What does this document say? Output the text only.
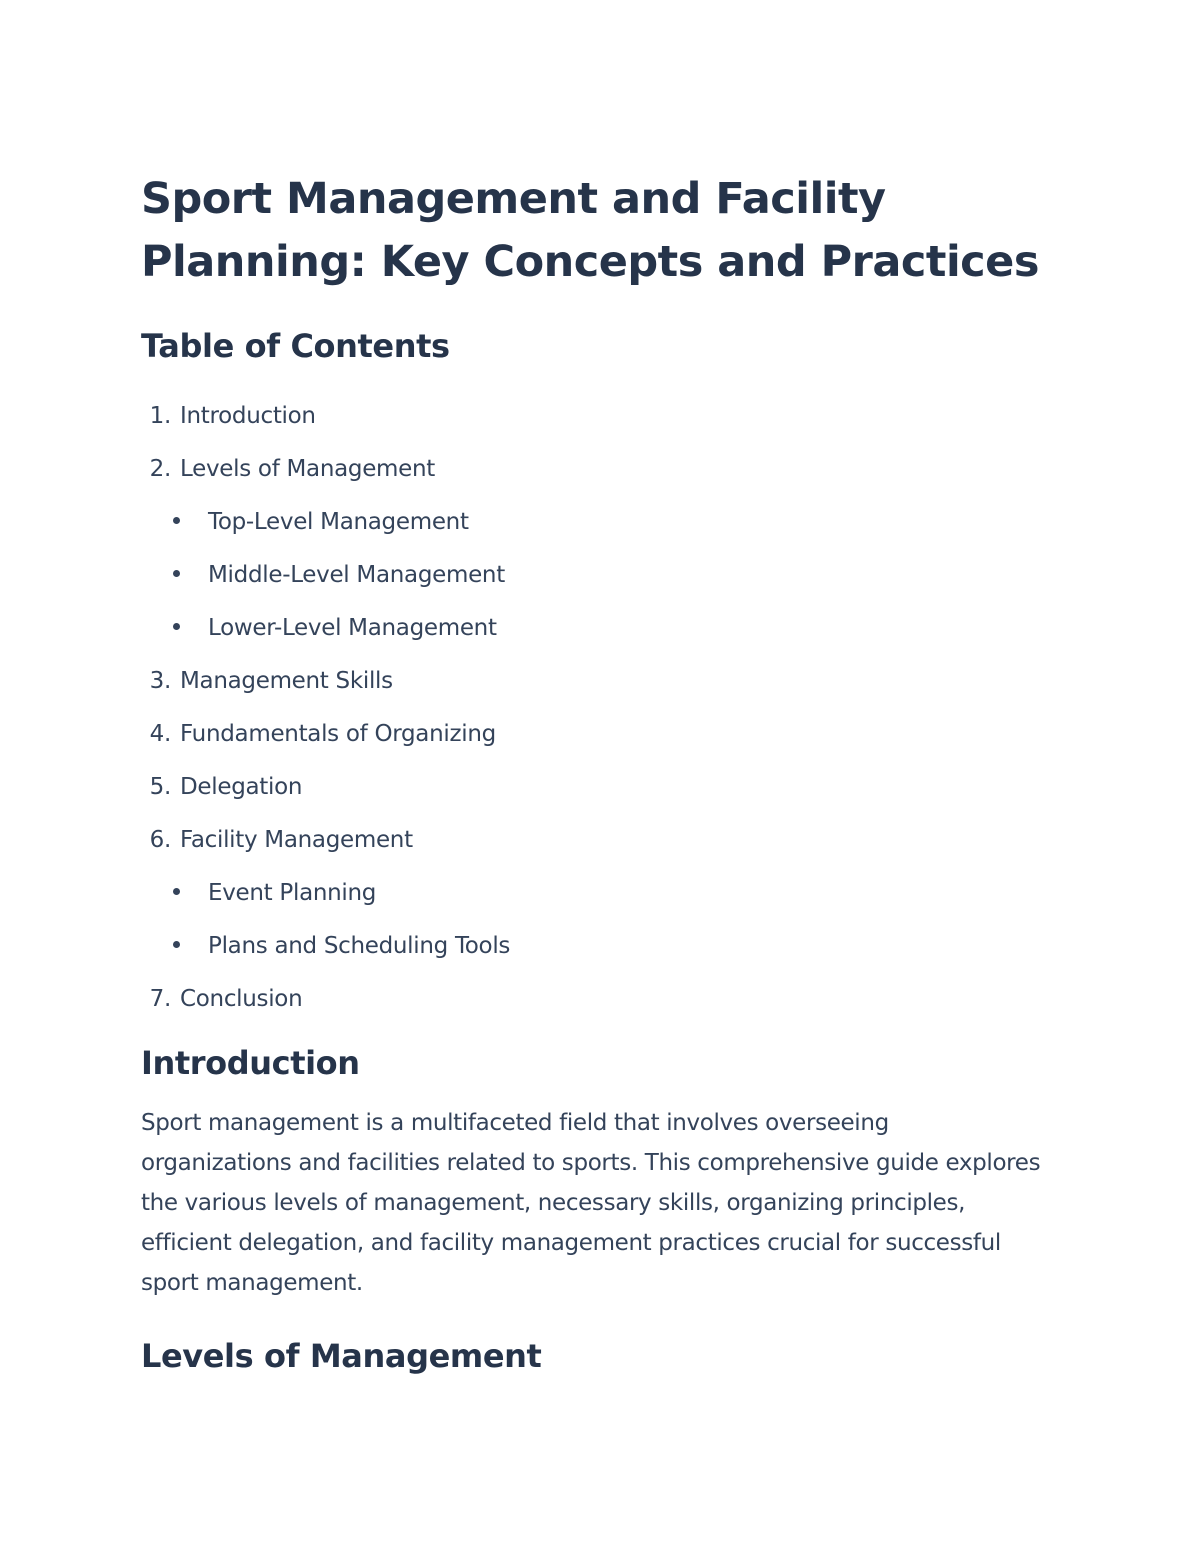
Sport Management and Facility Planning: Key Concepts and Practices
Table of Contents
1. Introduction
2. Levels of Management
Top-Level Management
Middle-Level Management
Lower-Level Management
3. Management Skills
4. Fundamentals of Organizing
5. Delegation
6. Facility Management
Event Planning
Plans and Scheduling Tools
7. Conclusion
Introduction

Sport management is a multifaceted field that involves overseeing organizations and facilities related to sports. This comprehensive guide explores the various levels of management, necessary skills, organizing principles, efficient delegation, and facility management practices crucial for successful sport management.

Levels of Management
